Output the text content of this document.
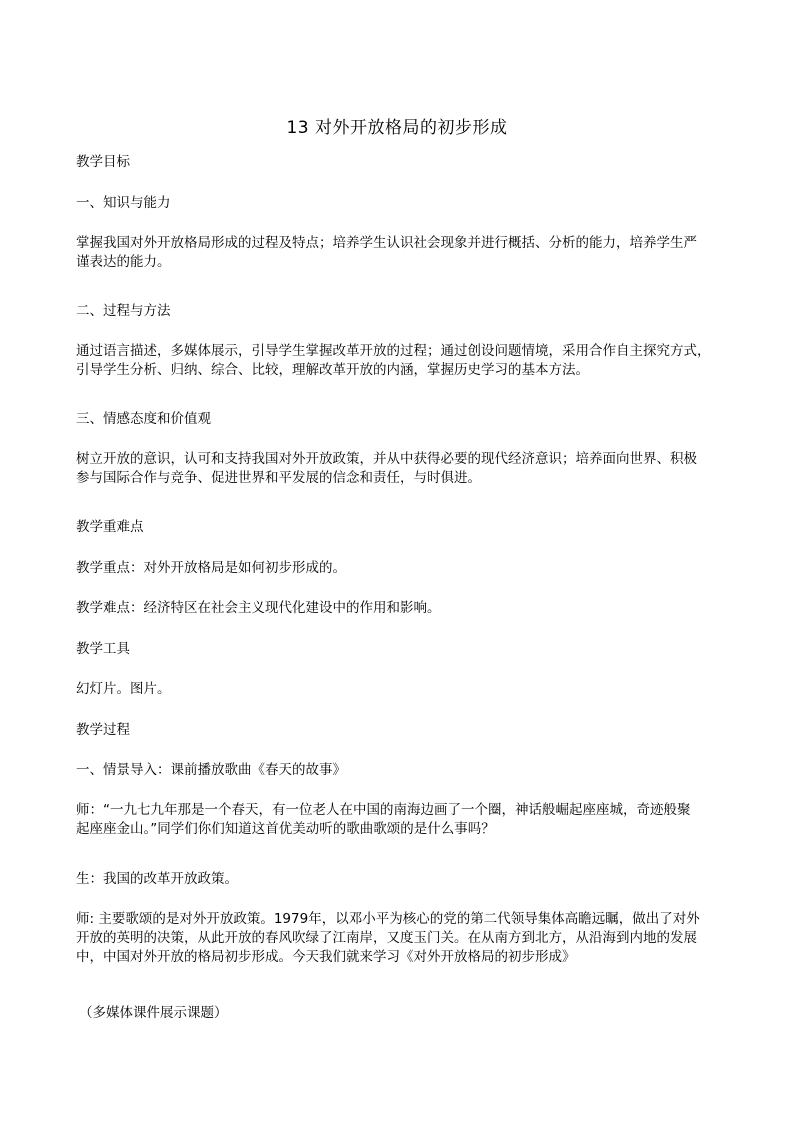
13 对外开放格局的初步形成
教学目标
一、知识与能力
掌握我国对外开放格局形成的过程及特点；培养学生认识社会现象并进行概括、分析的能力，培养学生严
谨表达的能力。
二、过程与方法
通过语言描述，多媒体展示，引导学生掌握改革开放的过程；通过创设问题情境，采用合作自主探究方式，
引导学生分析、归纳、综合、比较，理解改革开放的内涵，掌握历史学习的基本方法。
三、情感态度和价值观
树立开放的意识，认可和支持我国对外开放政策，并从中获得必要的现代经济意识；培养面向世界、积极
参与国际合作与竞争、促进世界和平发展的信念和责任，与时俱进。
教学重难点
教学重点：对外开放格局是如何初步形成的。
教学难点：经济特区在社会主义现代化建设中的作用和影响。
教学工具
幻灯片。图片。
教学过程
一、情景导入：课前播放歌曲《春天的故事》
师：“一九七九年那是一个春天，有一位老人在中国的南海边画了一个圈，神话般崛起座座城，奇迹般聚
起座座金山。”同学们你们知道这首优美动听的歌曲歌颂的是什么事吗？
生：我国的改革开放政策。
师: 主要歌颂的是对外开放政策。1979年，以邓小平为核心的党的第二代领导集体高瞻远瞩，做出了对外
开放的英明的决策，从此开放的春风吹绿了江南岸，又度玉门关。在从南方到北方，从沿海到内地的发展
中，中国对外开放的格局初步形成。今天我们就来学习《对外开放格局的初步形成》
（多媒体课件展示课题）
